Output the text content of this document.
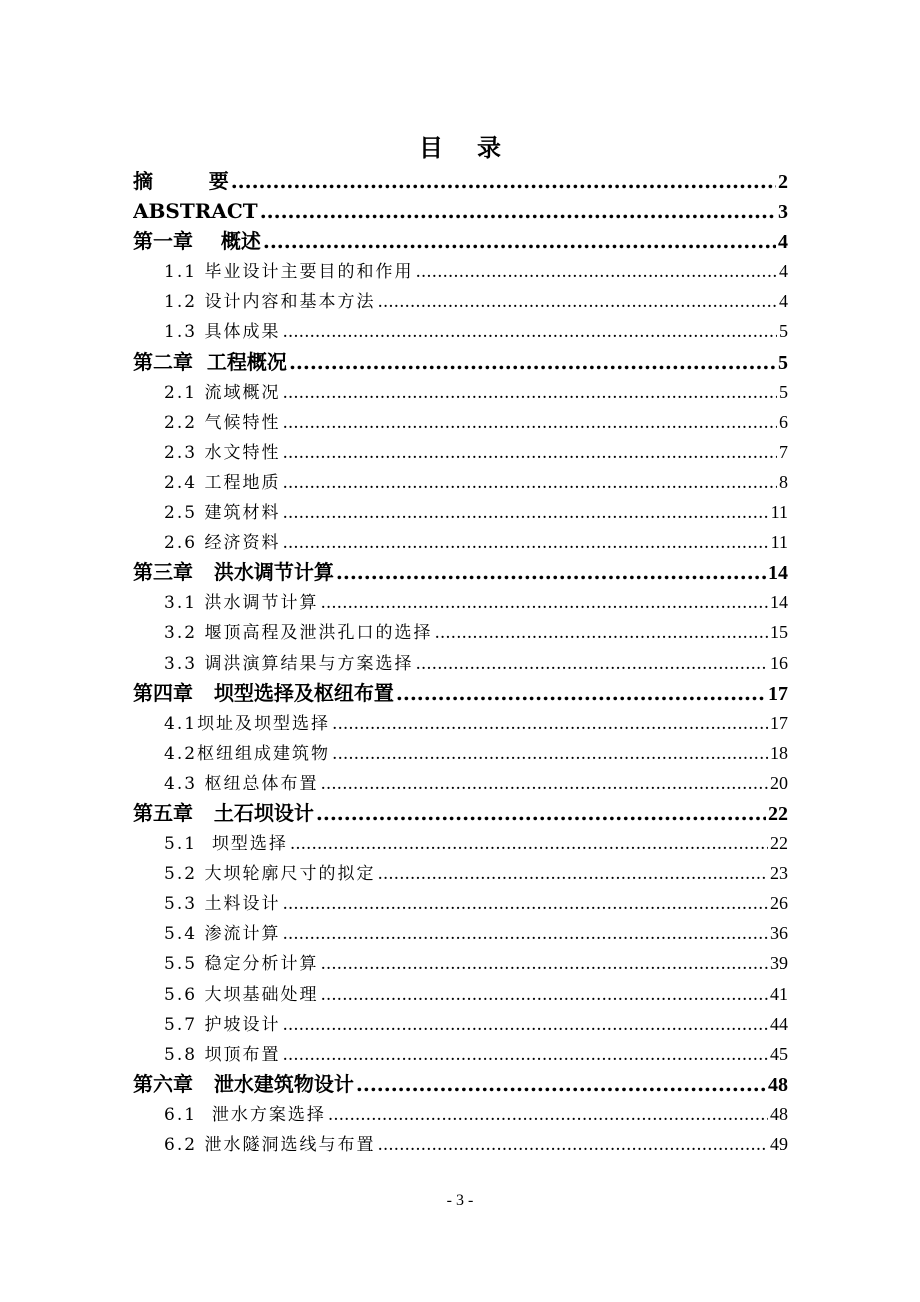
目 录
摘        要 .....	2
ABSTRACT .....	3
第一章    概述 .....	4
1.1 毕业设计主要目的和作用 .....	4
1.2 设计内容和基本方法 .....	4
1.3 具体成果 .....	5
第二章  工程概况 .....	5
2.1 流域概况 .....	5
2.2 气候特性 .....	6
2.3 水文特性 .....	7
2.4 工程地质 .....	8
2.5 建筑材料 .....	11
2.6 经济资料 .....	11
第三章   洪水调节计算 .....	14
3.1 洪水调节计算 .....	14
3.2 堰顶高程及泄洪孔口的选择 .....	15
3.3 调洪演算结果与方案选择 .....	16
第四章   坝型选择及枢纽布置 .....	17
4.1坝址及坝型选择 .....	17
4.2枢纽组成建筑物 .....	18
4.3 枢纽总体布置 .....	20
第五章   土石坝设计 .....	22
5.1  坝型选择 .....	22
5.2 大坝轮廓尺寸的拟定 .....	23
5.3 土料设计 .....	26
5.4 渗流计算 .....	36
5.5 稳定分析计算 .....	39
5.6 大坝基础处理 .....	41
5.7 护坡设计 .....	44
5.8 坝顶布置 .....	45
第六章   泄水建筑物设计 .....	48
6.1  泄水方案选择 .....	48
6.2 泄水隧洞选线与布置 .....	49
- 3 -
